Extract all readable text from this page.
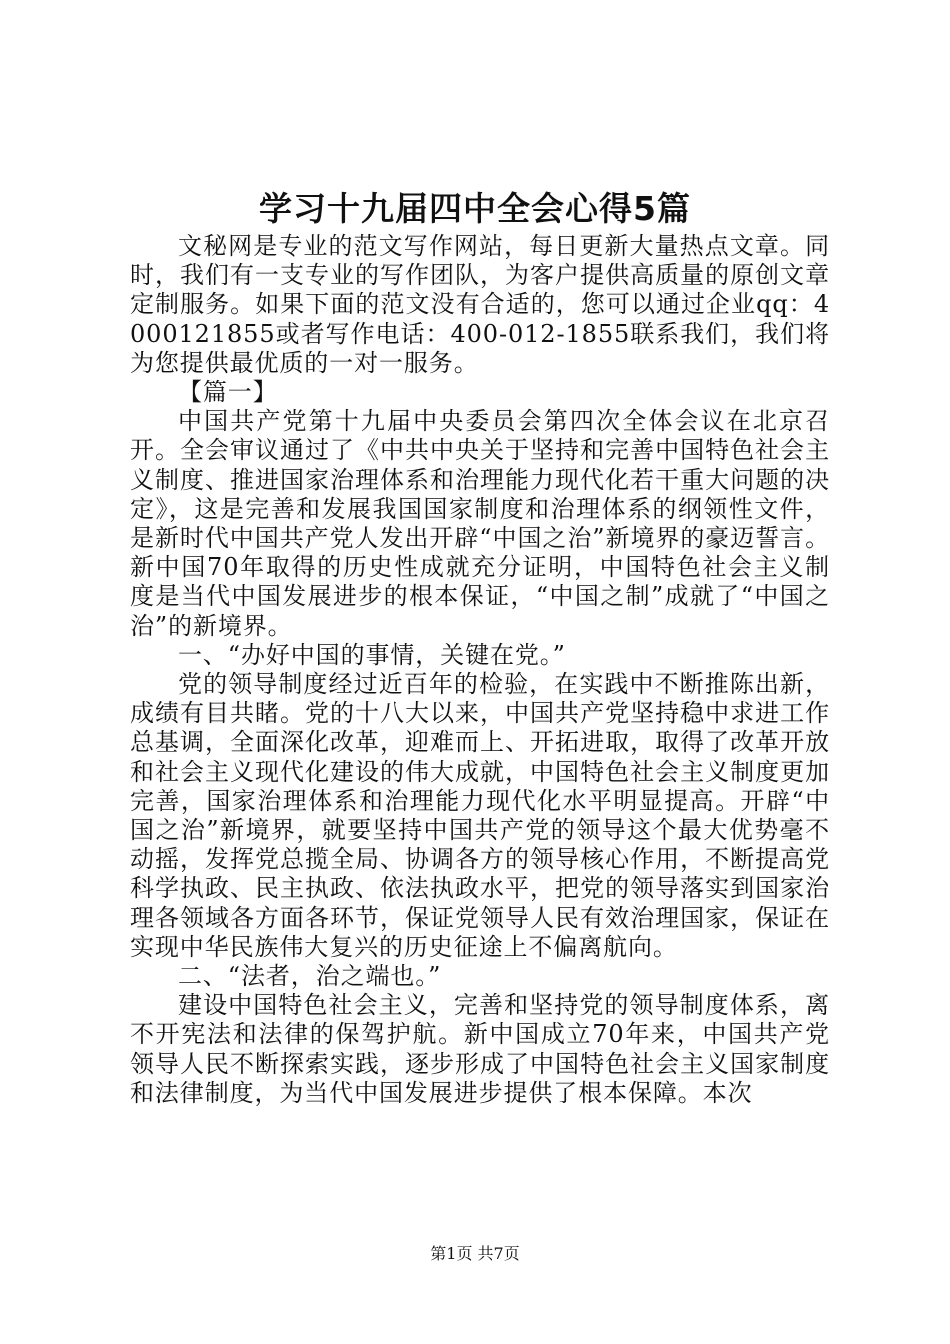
学习十九届四中全会心得5篇

文秘网是专业的范文写作网站，每日更新大量热点文章。同时，我们有一支专业的写作团队，为客户提供高质量的原创文章定制服务。如果下面的范文没有合适的，您可以通过企业qq：4000121855或者写作电话：400-012-1855联系我们，我们将为您提供最优质的一对一服务。

【篇一】

中国共产党第十九届中央委员会第四次全体会议在北京召开。全会审议通过了《中共中央关于坚持和完善中国特色社会主义制度、推进国家治理体系和治理能力现代化若干重大问题的决定》，这是完善和发展我国国家制度和治理体系的纲领性文件，是新时代中国共产党人发出开辟“中国之治”新境界的豪迈誓言。新中国70年取得的历史性成就充分证明，中国特色社会主义制度是当代中国发展进步的根本保证，“中国之制”成就了“中国之治”的新境界。

一、“办好中国的事情，关键在党。”

党的领导制度经过近百年的检验，在实践中不断推陈出新，成绩有目共睹。党的十八大以来，中国共产党坚持稳中求进工作总基调，全面深化改革，迎难而上、开拓进取，取得了改革开放和社会主义现代化建设的伟大成就，中国特色社会主义制度更加完善，国家治理体系和治理能力现代化水平明显提高。开辟“中国之治”新境界，就要坚持中国共产党的领导这个最大优势毫不动摇，发挥党总揽全局、协调各方的领导核心作用，不断提高党科学执政、民主执政、依法执政水平，把党的领导落实到国家治理各领域各方面各环节，保证党领导人民有效治理国家，保证在实现中华民族伟大复兴的历史征途上不偏离航向。

二、“法者，治之端也。”

建设中国特色社会主义，完善和坚持党的领导制度体系，离不开宪法和法律的保驾护航。新中国成立70年来，中国共产党领导人民不断探索实践，逐步形成了中国特色社会主义国家制度和法律制度，为当代中国发展进步提供了根本保障。本次

第1页 共7页
